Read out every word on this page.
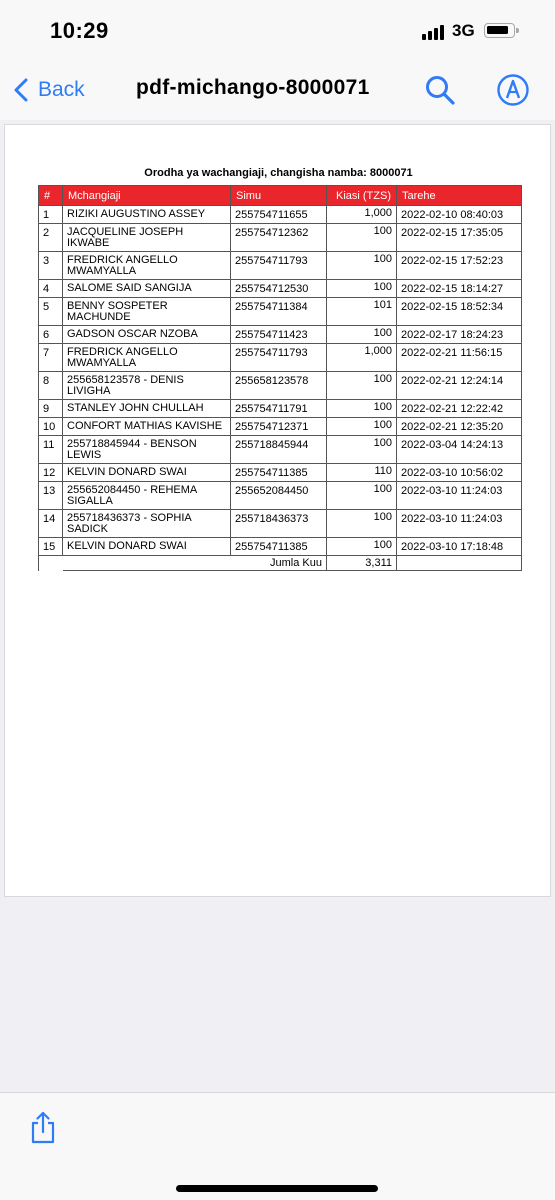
10:29	3G
Back pdf-michango-8000071
Orodha ya wachangiaji, changisha namba: 8000071
#	Mchangiaji	Simu	Kiasi (TZS)	Tarehe
1	RIZIKI AUGUSTINO ASSEY	255754711655	1,000	2022-02-10 08:40:03
2	JACQUELINE JOSEPH IKWABE	255754712362	100	2022-02-15 17:35:05
3	FREDRICK ANGELLO MWAMYALLA	255754711793	100	2022-02-15 17:52:23
4	SALOME SAID SANGIJA	255754712530	100	2022-02-15 18:14:27
5	BENNY SOSPETER MACHUNDE	255754711384	101	2022-02-15 18:52:34
6	GADSON OSCAR NZOBA	255754711423	100	2022-02-17 18:24:23
7	FREDRICK ANGELLO MWAMYALLA	255754711793	1,000	2022-02-21 11:56:15
8	255658123578 - DENIS LIVIGHA	255658123578	100	2022-02-21 12:24:14
9	STANLEY JOHN CHULLAH	255754711791	100	2022-02-21 12:22:42
10	CONFORT MATHIAS KAVISHE	255754712371	100	2022-02-21 12:35:20
11	255718845944 - BENSON LEWIS	255718845944	100	2022-03-04 14:24:13
12	KELVIN DONARD SWAI	255754711385	110	2022-03-10 10:56:02
13	255652084450 - REHEMA SIGALLA	255652084450	100	2022-03-10 11:24:03
14	255718436373 - SOPHIA SADICK	255718436373	100	2022-03-10 11:24:03
15	KELVIN DONARD SWAI	255754711385	100	2022-03-10 17:18:48
		Jumla Kuu	3,311	
